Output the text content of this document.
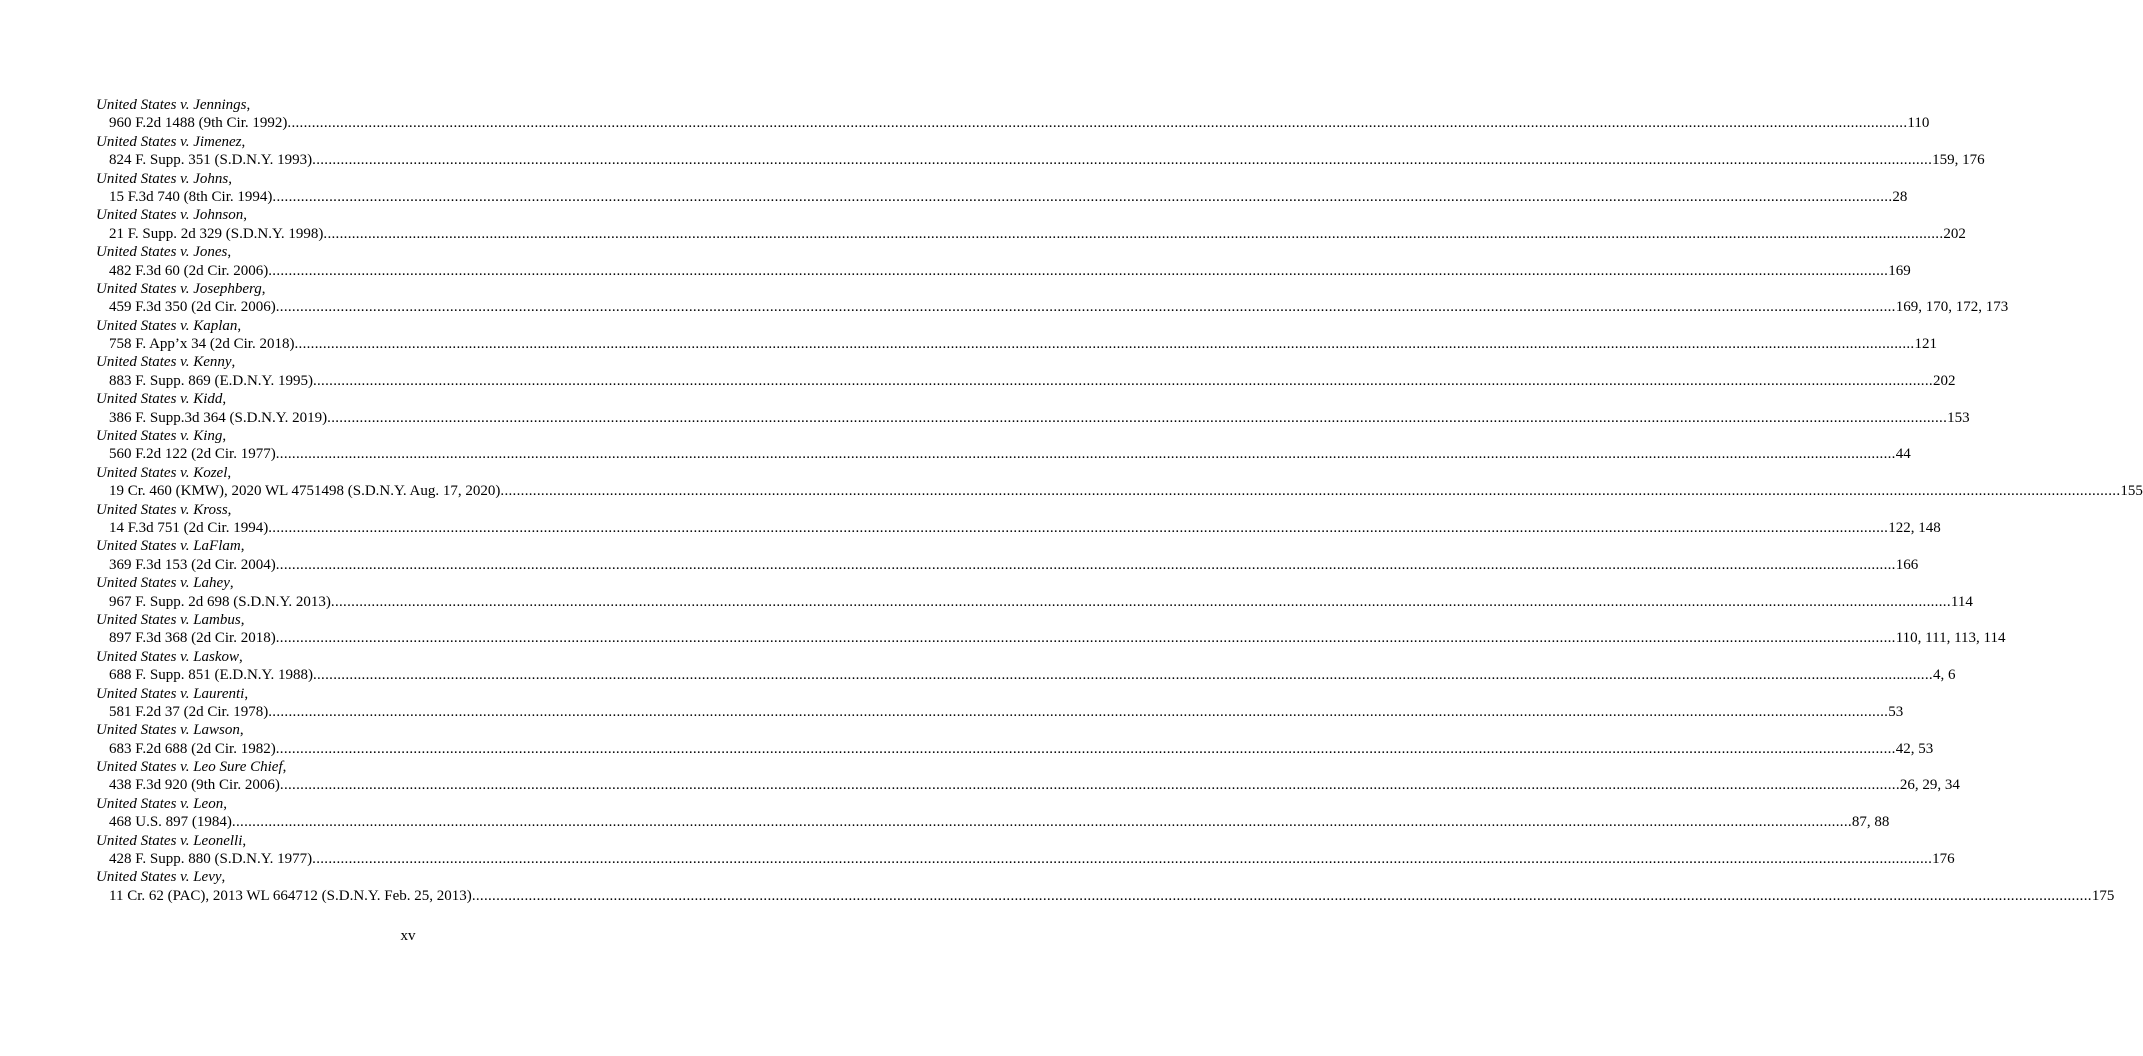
United States v. Jennings,
960 F.2d 1488 (9th Cir. 1992) ................................................................................................................................................................................................................................................................................................................................................................................................................ 110
United States v. Jimenez,
824 F. Supp. 351 (S.D.N.Y. 1993) ................................................................................................................................................................................................................................................................................................................................................................................................................ 159, 176
United States v. Johns,
15 F.3d 740 (8th Cir. 1994) ................................................................................................................................................................................................................................................................................................................................................................................................................ 28
United States v. Johnson,
21 F. Supp. 2d 329 (S.D.N.Y. 1998) ................................................................................................................................................................................................................................................................................................................................................................................................................ 202
United States v. Jones,
482 F.3d 60 (2d Cir. 2006) ................................................................................................................................................................................................................................................................................................................................................................................................................ 169
United States v. Josephberg,
459 F.3d 350 (2d Cir. 2006) ................................................................................................................................................................................................................................................................................................................................................................................................................ 169, 170, 172, 173
United States v. Kaplan,
758 F. App’x 34 (2d Cir. 2018) ................................................................................................................................................................................................................................................................................................................................................................................................................ 121
United States v. Kenny,
883 F. Supp. 869 (E.D.N.Y. 1995) ................................................................................................................................................................................................................................................................................................................................................................................................................ 202
United States v. Kidd,
386 F. Supp.3d 364 (S.D.N.Y. 2019) ................................................................................................................................................................................................................................................................................................................................................................................................................ 153
United States v. King,
560 F.2d 122 (2d Cir. 1977) ................................................................................................................................................................................................................................................................................................................................................................................................................ 44
United States v. Kozel,
19 Cr. 460 (KMW), 2020 WL 4751498 (S.D.N.Y. Aug. 17, 2020) ................................................................................................................................................................................................................................................................................................................................................................................................................ 155
United States v. Kross,
14 F.3d 751 (2d Cir. 1994) ................................................................................................................................................................................................................................................................................................................................................................................................................ 122, 148
United States v. LaFlam,
369 F.3d 153 (2d Cir. 2004) ................................................................................................................................................................................................................................................................................................................................................................................................................ 166
United States v. Lahey,
967 F. Supp. 2d 698 (S.D.N.Y. 2013) ................................................................................................................................................................................................................................................................................................................................................................................................................ 114
United States v. Lambus,
897 F.3d 368 (2d Cir. 2018) ................................................................................................................................................................................................................................................................................................................................................................................................................ 110, 111, 113, 114
United States v. Laskow,
688 F. Supp. 851 (E.D.N.Y. 1988) ................................................................................................................................................................................................................................................................................................................................................................................................................ 4, 6
United States v. Laurenti,
581 F.2d 37 (2d Cir. 1978) ................................................................................................................................................................................................................................................................................................................................................................................................................ 53
United States v. Lawson,
683 F.2d 688 (2d Cir. 1982) ................................................................................................................................................................................................................................................................................................................................................................................................................ 42, 53
United States v. Leo Sure Chief,
438 F.3d 920 (9th Cir. 2006) ................................................................................................................................................................................................................................................................................................................................................................................................................ 26, 29, 34
United States v. Leon,
468 U.S. 897 (1984) ................................................................................................................................................................................................................................................................................................................................................................................................................ 87, 88
United States v. Leonelli,
428 F. Supp. 880 (S.D.N.Y. 1977) ................................................................................................................................................................................................................................................................................................................................................................................................................ 176
United States v. Levy,
11 Cr. 62 (PAC), 2013 WL 664712 (S.D.N.Y. Feb. 25, 2013) ................................................................................................................................................................................................................................................................................................................................................................................................................ 175
xv
